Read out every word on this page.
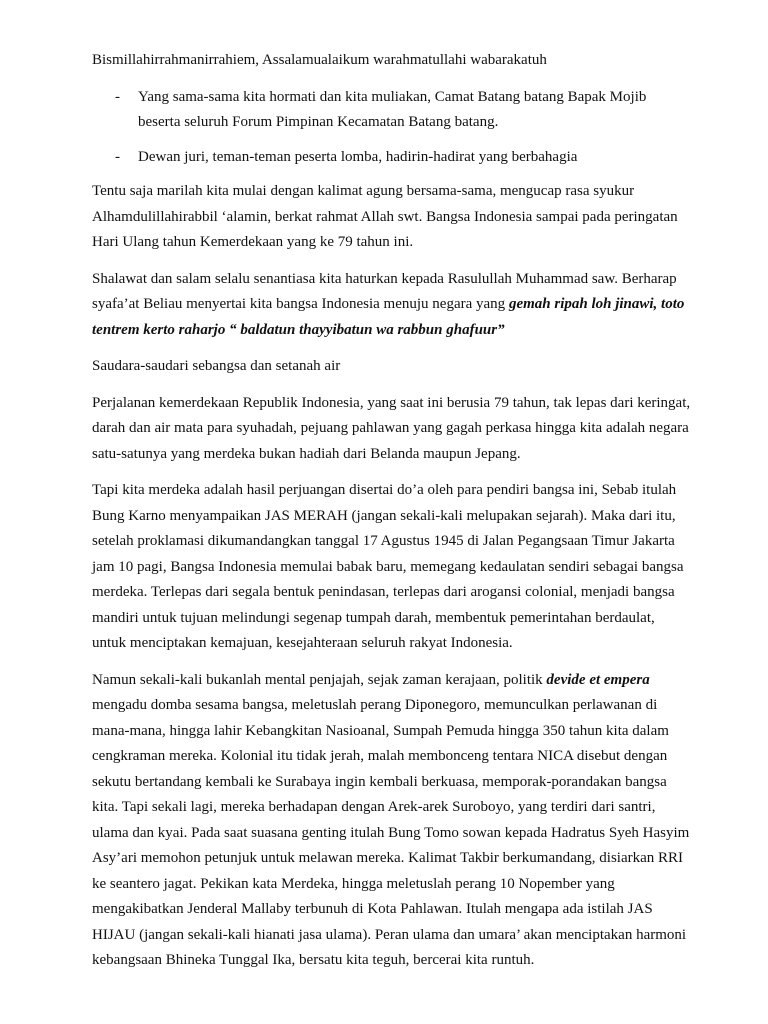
Bismillahirrahmanirrahiem, Assalamualaikum warahmatullahi wabarakatuh

- Yang sama-sama kita hormati dan kita muliakan, Camat Batang batang Bapak Mojib beserta seluruh Forum Pimpinan Kecamatan Batang batang.
- Dewan juri, teman-teman peserta lomba, hadirin-hadirat yang berbahagia

Tentu saja marilah kita mulai dengan kalimat agung bersama-sama, mengucap rasa syukur Alhamdulillahirabbil ‘alamin, berkat rahmat Allah swt. Bangsa Indonesia sampai pada peringatan Hari Ulang tahun Kemerdekaan yang ke 79 tahun ini.

Shalawat dan salam selalu senantiasa kita haturkan kepada Rasulullah Muhammad saw. Berharap syafa’at Beliau menyertai kita bangsa Indonesia menuju negara yang gemah ripah loh jinawi, toto tentrem kerto raharjo “ baldatun thayyibatun wa rabbun ghafuur”

Saudara-saudari sebangsa dan setanah air

Perjalanan kemerdekaan Republik Indonesia, yang saat ini berusia 79 tahun, tak lepas dari keringat, darah dan air mata para syuhadah, pejuang pahlawan yang gagah perkasa hingga kita adalah negara satu-satunya yang merdeka bukan hadiah dari Belanda maupun Jepang.

Tapi kita merdeka adalah hasil perjuangan disertai do’a oleh para pendiri bangsa ini, Sebab itulah Bung Karno menyampaikan JAS MERAH (jangan sekali-kali melupakan sejarah). Maka dari itu, setelah proklamasi dikumandangkan tanggal 17 Agustus 1945 di Jalan Pegangsaan Timur Jakarta jam 10 pagi, Bangsa Indonesia memulai babak baru, memegang kedaulatan sendiri sebagai bangsa merdeka. Terlepas dari segala bentuk penindasan, terlepas dari arogansi colonial, menjadi bangsa mandiri untuk tujuan melindungi segenap tumpah darah, membentuk pemerintahan berdaulat, untuk menciptakan kemajuan, kesejahteraan seluruh rakyat Indonesia.

Namun sekali-kali bukanlah mental penjajah, sejak zaman kerajaan, politik devide et empera mengadu domba sesama bangsa, meletuslah perang Diponegoro, memunculkan perlawanan di mana-mana, hingga lahir Kebangkitan Nasioanal, Sumpah Pemuda hingga 350 tahun kita dalam cengkraman mereka. Kolonial itu tidak jerah, malah membonceng tentara NICA disebut dengan sekutu bertandang kembali ke Surabaya ingin kembali berkuasa, memporak-porandakan bangsa kita. Tapi sekali lagi, mereka berhadapan dengan Arek-arek Suroboyo, yang terdiri dari santri, ulama dan kyai. Pada saat suasana genting itulah Bung Tomo sowan kepada Hadratus Syeh Hasyim Asy’ari memohon petunjuk untuk melawan mereka. Kalimat Takbir berkumandang, disiarkan RRI ke seantero jagat. Pekikan kata Merdeka, hingga meletuslah perang 10 Nopember yang mengakibatkan Jenderal Mallaby terbunuh di Kota Pahlawan. Itulah mengapa ada istilah JAS HIJAU (jangan sekali-kali hianati jasa ulama). Peran ulama dan umara’ akan menciptakan harmoni kebangsaan Bhineka Tunggal Ika, bersatu kita teguh, bercerai kita runtuh.
